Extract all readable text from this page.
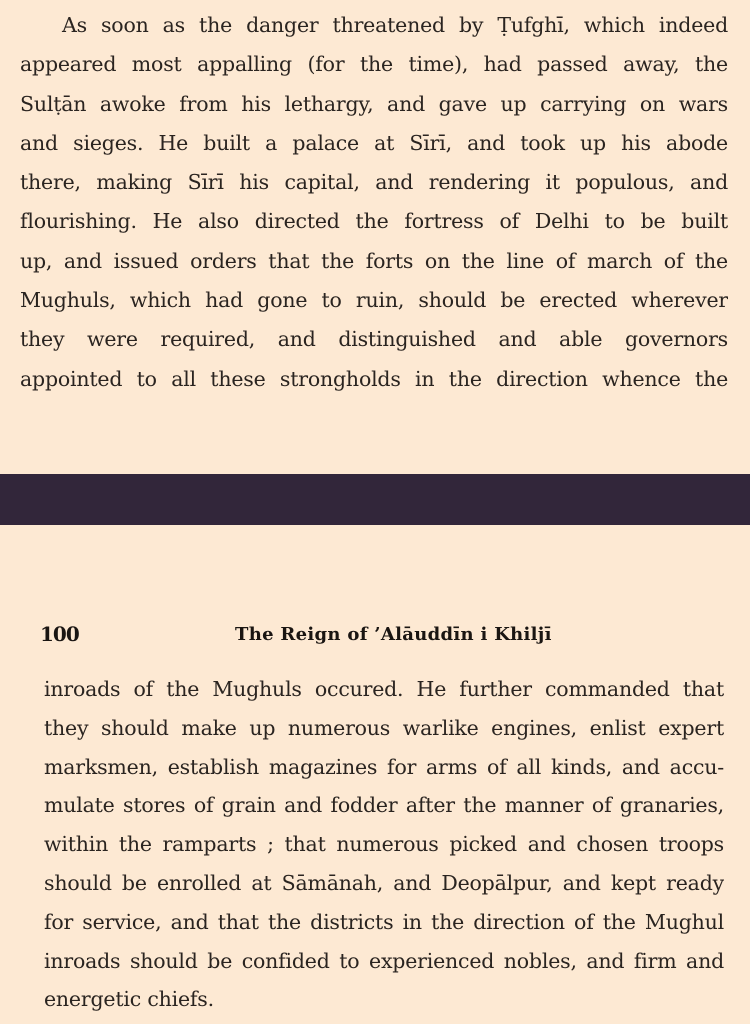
As soon as the danger threatened by Ṭufghī, which indeed
appeared most appalling (for the time), had passed away, the
Sulṭān awoke from his lethargy, and gave up carrying on wars
and sieges. He built a palace at Sīrī, and took up his abode
there, making Sīrī his capital, and rendering it populous, and
flourishing. He also directed the fortress of Delhi to be built
up, and issued orders that the forts on the line of march of the
Mughuls, which had gone to ruin, should be erected wherever
they were required, and distinguished and able governors
appointed to all these strongholds in the direction whence the
100	The Reign of ’Alāuddīn i Khiljī
inroads of the Mughuls occured. He further commanded that
they should make up numerous warlike engines, enlist expert
marksmen, establish magazines for arms of all kinds, and accu-
mulate stores of grain and fodder after the manner of granaries,
within the ramparts ; that numerous picked and chosen troops
should be enrolled at Sāmānah, and Deopālpur, and kept ready
for service, and that the districts in the direction of the Mughul
inroads should be confided to experienced nobles, and firm and
energetic chiefs.
